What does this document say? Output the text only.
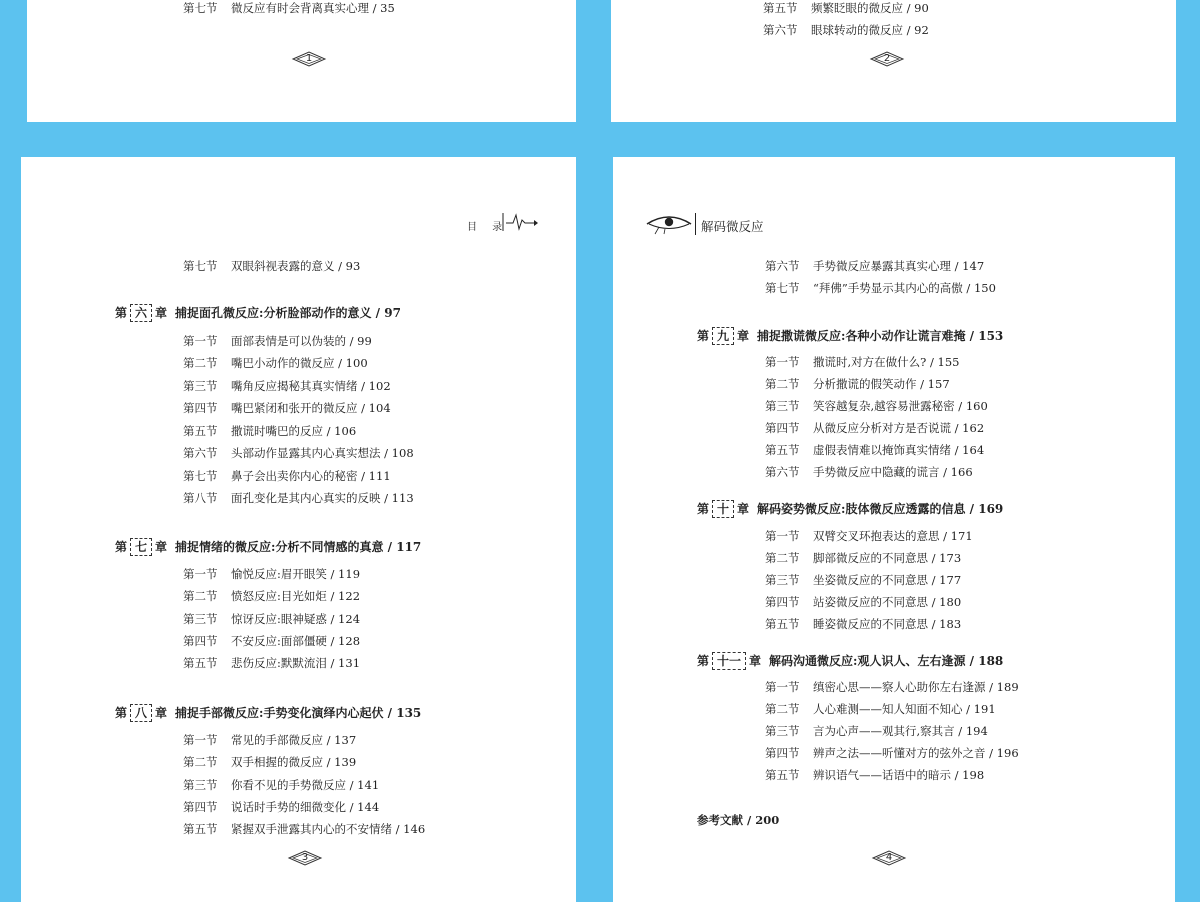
第七节 微反应有时会背离真实心理 / 35
1
第五节 频繁眨眼的微反应 / 90
第六节 眼球转动的微反应 / 92
2
目 录
第七节 双眼斜视表露的意义 / 93
第 六 章 捕捉面孔微反应:分析脸部动作的意义 / 97
第一节 面部表情是可以伪装的 / 99
第二节 嘴巴小动作的微反应 / 100
第三节 嘴角反应揭秘其真实情绪 / 102
第四节 嘴巴紧闭和张开的微反应 / 104
第五节 撒谎时嘴巴的反应 / 106
第六节 头部动作显露其内心真实想法 / 108
第七节 鼻子会出卖你内心的秘密 / 111
第八节 面孔变化是其内心真实的反映 / 113
第 七 章 捕捉情绪的微反应:分析不同情感的真意 / 117
第一节 愉悦反应:眉开眼笑 / 119
第二节 愤怒反应:目光如炬 / 122
第三节 惊讶反应:眼神疑惑 / 124
第四节 不安反应:面部僵硬 / 128
第五节 悲伤反应:默默流泪 / 131
第 八 章 捕捉手部微反应:手势变化演绎内心起伏 / 135
第一节 常见的手部微反应 / 137
第二节 双手相握的微反应 / 139
第三节 你看不见的手势微反应 / 141
第四节 说话时手势的细微变化 / 144
第五节 紧握双手泄露其内心的不安情绪 / 146
3
解码微反应
第六节 手势微反应暴露其真实心理 / 147
第七节 “拜佛”手势显示其内心的高傲 / 150
第 九 章 捕捉撒谎微反应:各种小动作让谎言难掩 / 153
第一节 撒谎时,对方在做什么? / 155
第二节 分析撒谎的假笑动作 / 157
第三节 笑容越复杂,越容易泄露秘密 / 160
第四节 从微反应分析对方是否说谎 / 162
第五节 虚假表情难以掩饰真实情绪 / 164
第六节 手势微反应中隐藏的谎言 / 166
第 十 章 解码姿势微反应:肢体微反应透露的信息 / 169
第一节 双臂交叉环抱表达的意思 / 171
第二节 脚部微反应的不同意思 / 173
第三节 坐姿微反应的不同意思 / 177
第四节 站姿微反应的不同意思 / 180
第五节 睡姿微反应的不同意思 / 183
第 十一 章 解码沟通微反应:观人识人、左右逢源 / 188
第一节 缜密心思——察人心助你左右逢源 / 189
第二节 人心难测——知人知面不知心 / 191
第三节 言为心声——观其行,察其言 / 194
第四节 辨声之法——听懂对方的弦外之音 / 196
第五节 辨识语气——话语中的暗示 / 198
参考文献 / 200
4
